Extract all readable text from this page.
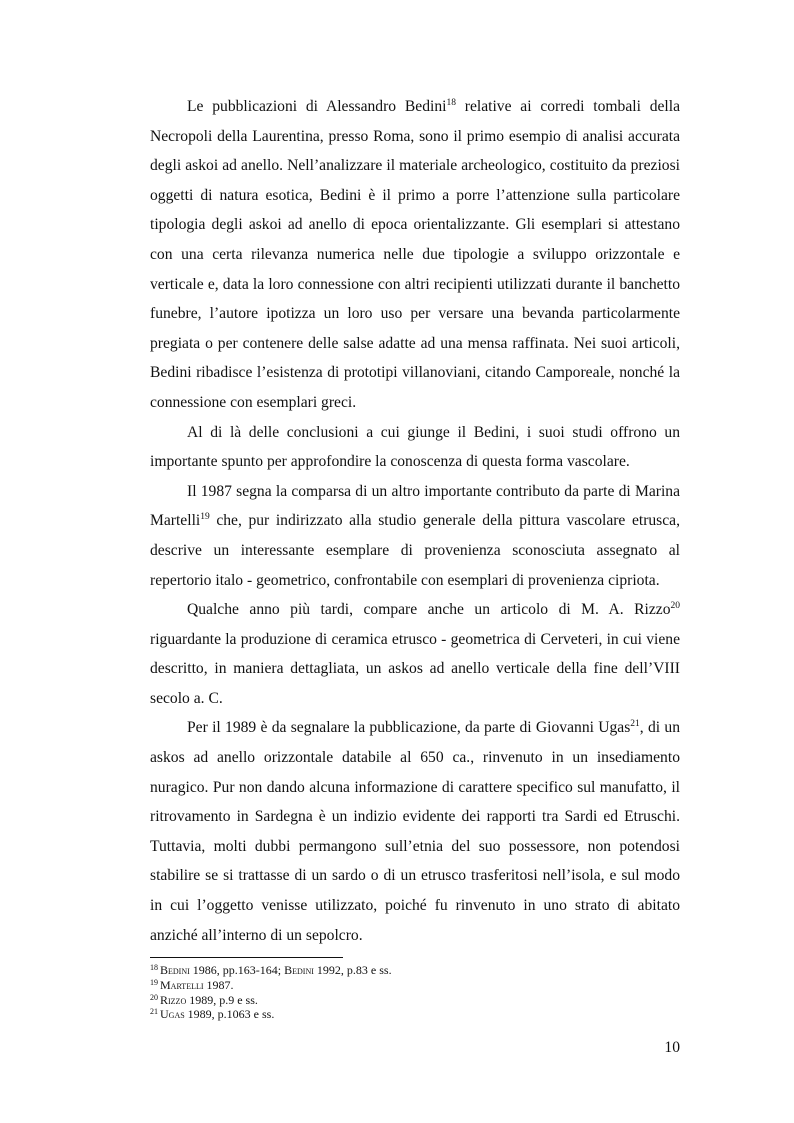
Le pubblicazioni di Alessandro Bedini$^{18}$ relative ai corredi tombali della Necropoli della Laurentina, presso Roma, sono il primo esempio di analisi accurata degli askoi ad anello. Nell’analizzare il materiale archeologico, costituito da preziosi oggetti di natura esotica, Bedini è il primo a porre l’attenzione sulla particolare tipologia degli askoi ad anello di epoca orientalizzante. Gli esemplari si attestano con una certa rilevanza numerica nelle due tipologie a sviluppo orizzontale e verticale e, data la loro connessione con altri recipienti utilizzati durante il banchetto funebre, l’autore ipotizza un loro uso per versare una bevanda particolarmente pregiata o per contenere delle salse adatte ad una mensa raffinata. Nei suoi articoli, Bedini ribadisce l’esistenza di prototipi villanoviani, citando Camporeale, nonché la connessione con esemplari greci.

Al di là delle conclusioni a cui giunge il Bedini, i suoi studi offrono un importante spunto per approfondire la conoscenza di questa forma vascolare.

Il 1987 segna la comparsa di un altro importante contributo da parte di Marina Martelli$^{19}$ che, pur indirizzato alla studio generale della pittura vascolare etrusca, descrive un interessante esemplare di provenienza sconosciuta assegnato al repertorio italo - geometrico, confrontabile con esemplari di provenienza cipriota.

Qualche anno più tardi, compare anche un articolo di M. A. Rizzo$^{20}$ riguardante la produzione di ceramica etrusco - geometrica di Cerveteri, in cui viene descritto, in maniera dettagliata, un askos ad anello verticale della fine dell’VIII secolo a. C.

Per il 1989 è da segnalare la pubblicazione, da parte di Giovanni Ugas$^{21}$, di un askos ad anello orizzontale databile al 650 ca., rinvenuto in un insediamento nuragico. Pur non dando alcuna informazione di carattere specifico sul manufatto, il ritrovamento in Sardegna è un indizio evidente dei rapporti tra Sardi ed Etruschi. Tuttavia, molti dubbi permangono sull’etnia del suo possessore, non potendosi stabilire se si trattasse di un sardo o di un etrusco trasferitosi nell’isola, e sul modo in cui l’oggetto venisse utilizzato, poiché fu rinvenuto in uno strato di abitato anziché all’interno di un sepolcro.

$^{18}$ Bedini 1986, pp.163-164; Bedini 1992, p.83 e ss.
$^{19}$ Martelli 1987.
$^{20}$ Rizzo 1989, p.9 e ss.
$^{21}$ Ugas 1989, p.1063 e ss.
10
